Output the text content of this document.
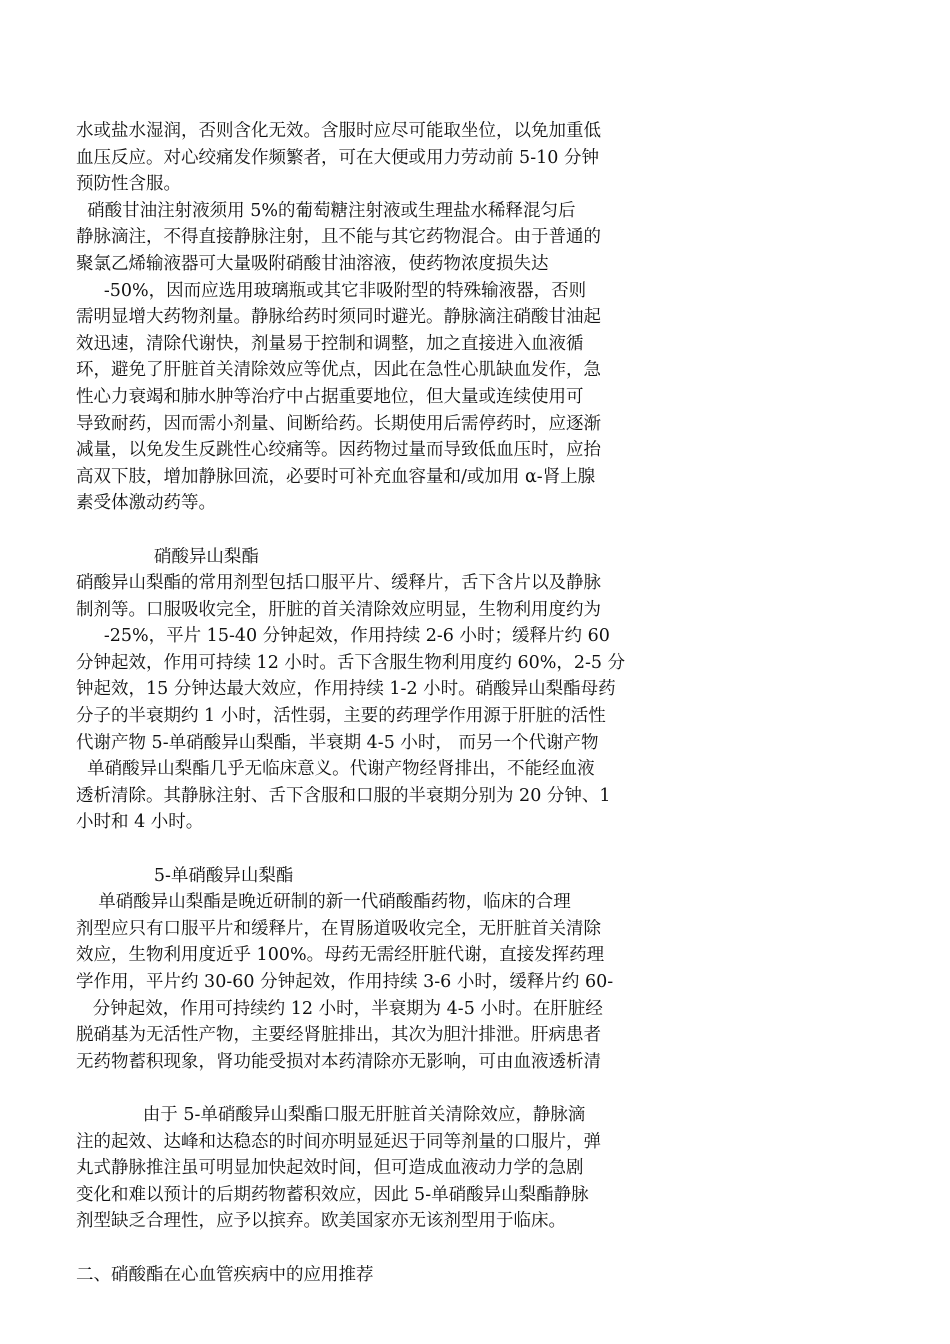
水或盐水湿润，否则含化无效。含服时应尽可能取坐位，以免加重低
血压反应。对心绞痛发作频繁者，可在大便或用力劳动前 5-10 分钟
预防性含服。
硝酸甘油注射液须用 5%的葡萄糖注射液或生理盐水稀释混匀后
静脉滴注，不得直接静脉注射，且不能与其它药物混合。由于普通的
聚氯乙烯输液器可大量吸附硝酸甘油溶液，使药物浓度损失达
-50%，因而应选用玻璃瓶或其它非吸附型的特殊输液器，否则
需明显增大药物剂量。静脉给药时须同时避光。静脉滴注硝酸甘油起
效迅速，清除代谢快，剂量易于控制和调整，加之直接进入血液循
环，避免了肝脏首关清除效应等优点，因此在急性心肌缺血发作，急
性心力衰竭和肺水肿等治疗中占据重要地位，但大量或连续使用可
导致耐药，因而需小剂量、间断给药。长期使用后需停药时，应逐渐
减量，以免发生反跳性心绞痛等。因药物过量而导致低血压时，应抬
高双下肢，增加静脉回流，必要时可补充血容量和/或加用 α-肾上腺
素受体激动药等。
硝酸异山梨酯
硝酸异山梨酯的常用剂型包括口服平片、缓释片，舌下含片以及静脉
制剂等。口服吸收完全，肝脏的首关清除效应明显，生物利用度约为
-25%，平片 15-40 分钟起效，作用持续 2-6 小时；缓释片约 60
分钟起效，作用可持续 12 小时。舌下含服生物利用度约 60%，2-5 分
钟起效，15 分钟达最大效应，作用持续 1-2 小时。硝酸异山梨酯母药
分子的半衰期约 1 小时，活性弱，主要的药理学作用源于肝脏的活性
代谢产物 5-单硝酸异山梨酯，半衰期 4-5 小时， 而另一个代谢产物
单硝酸异山梨酯几乎无临床意义。代谢产物经肾排出，不能经血液
透析清除。其静脉注射、舌下含服和口服的半衰期分别为 20 分钟、1
小时和 4 小时。
5-单硝酸异山梨酯
单硝酸异山梨酯是晚近研制的新一代硝酸酯药物，临床的合理
剂型应只有口服平片和缓释片，在胃肠道吸收完全，无肝脏首关清除
效应，生物利用度近乎 100%。母药无需经肝脏代谢，直接发挥药理
学作用，平片约 30-60 分钟起效，作用持续 3-6 小时，缓释片约 60-
分钟起效，作用可持续约 12 小时，半衰期为 4-5 小时。在肝脏经
脱硝基为无活性产物，主要经肾脏排出，其次为胆汁排泄。肝病患者
无药物蓄积现象，肾功能受损对本药清除亦无影响，可由血液透析清
由于 5-单硝酸异山梨酯口服无肝脏首关清除效应，静脉滴
注的起效、达峰和达稳态的时间亦明显延迟于同等剂量的口服片，弹
丸式静脉推注虽可明显加快起效时间，但可造成血液动力学的急剧
变化和难以预计的后期药物蓄积效应，因此 5-单硝酸异山梨酯静脉
剂型缺乏合理性，应予以摈弃。欧美国家亦无该剂型用于临床。
二、硝酸酯在心血管疾病中的应用推荐
